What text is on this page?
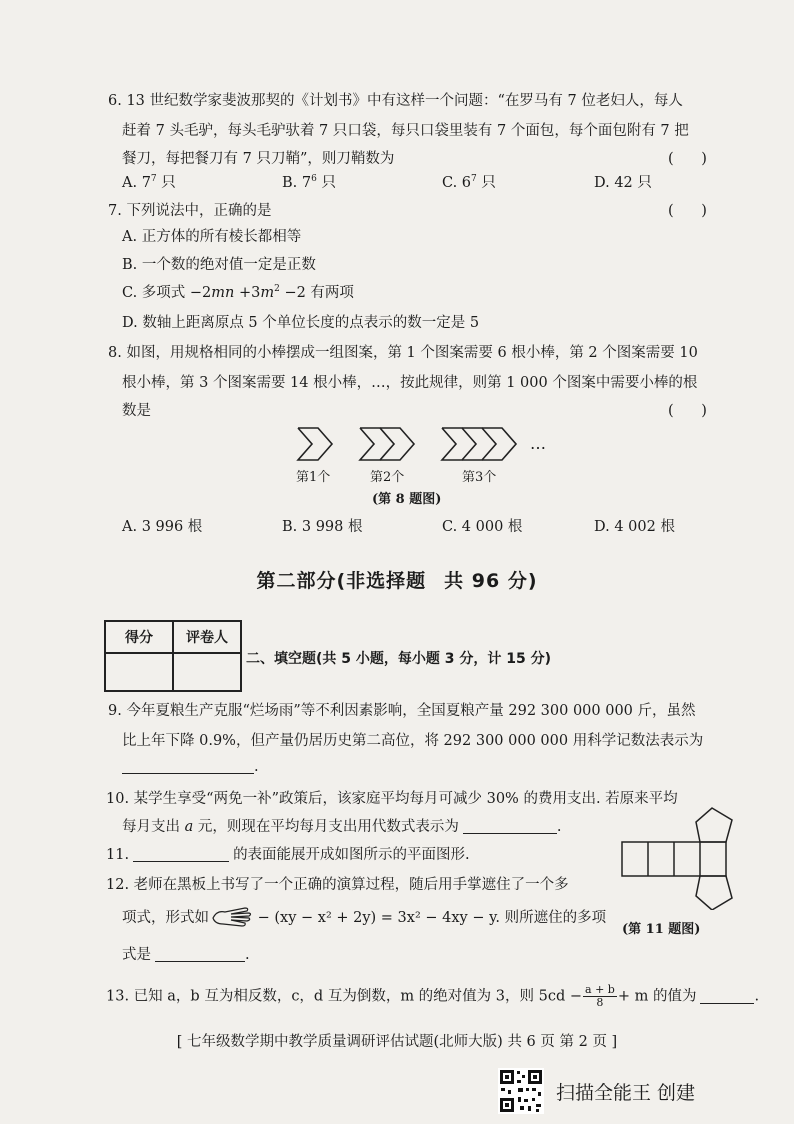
6. 13 世纪数学家斐波那契的《计划书》中有这样一个问题：“在罗马有 7 位老妇人，每人
赶着 7 头毛驴，每头毛驴驮着 7 只口袋，每只口袋里装有 7 个面包，每个面包附有 7 把
餐刀，每把餐刀有 7 只刀鞘”，则刀鞘数为	(      )
A. $7^7$ 只	B. $7^6$ 只	C. $6^7$ 只	D. 42 只
7. 下列说法中，正确的是	(      )
A. 正方体的所有棱长都相等
B. 一个数的绝对值一定是正数
C. 多项式 $-2mn +3m^2 -2$ 有两项
D. 数轴上距离原点 5 个单位长度的点表示的数一定是 5
8. 如图，用规格相同的小棒摆成一组图案，第 1 个图案需要 6 根小棒，第 2 个图案需要 10
根小棒，第 3 个图案需要 14 根小棒，…，按此规律，则第 1 000 个图案中需要小棒的根
数是	(      )
…
第1个	第2个	第3个
(第 8 题图)
A. 3 996 根	B. 3 998 根	C. 4 000 根	D. 4 002 根
第二部分(非选择题 共 96 分)
得分	评卷人

二、填空题(共 5 小题，每小题 3 分，计 15 分)
9. 今年夏粮生产克服“烂场雨”等不利因素影响，全国夏粮产量 292 300 000 000 斤，虽然
比上年下降 0.9%，但产量仍居历史第二高位，将 292 300 000 000 用科学记数法表示为
.
10. 某学生享受“两免一补”政策后，该家庭平均每月可减少 30% 的费用支出. 若原来平均
每月支出 a 元，则现在平均每月支出用代数式表示为	.
11.	的表面能展开成如图所示的平面图形.
(第 11 题图)
12. 老师在黑板上书写了一个正确的演算过程，随后用手掌遮住了一个多
项式，形式如	− (xy − x² + 2y) = 3x² − 4xy − y. 则所遮住的多项
式是	.
13. 已知 a，b 互为相反数，c，d 互为倒数，m 的绝对值为 3，则 $5cd - \frac{a + b}{8} + m$ 的值为	.
[ 七年级数学期中教学质量调研评估试题(北师大版) 共 6 页 第 2 页 ]
扫描全能王 创建
